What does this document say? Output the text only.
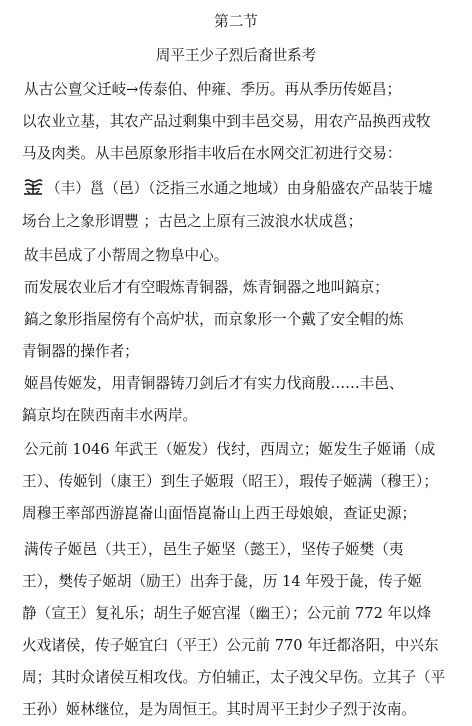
第二节
周平王少子烈后裔世系考
从古公亶父迁岐→传泰伯、仲雍、季历。再从季历传姬昌；
以农业立基，其农产品过剩集中到丰邑交易，用农产品换西戎牧
马及肉类。从丰邑原象形指丰收后在水网交汇初进行交易：
（丰）邕（邑）（泛指三水通之地域）由身船盛农产品装于墟
场台上之象形谓豐 ；古邑之上原有三波浪水状成邕；
故丰邑成了小帮周之物阜中心。
而发展农业后才有空暇炼青铜器，炼青铜器之地叫鎬京；
鎬之象形指屋傍有个高炉状，而京象形一个戴了安全帽的炼
青铜器的操作者；
姬昌传姬发，用青铜器铸刀剑后才有实力伐商殷……丰邑、
鎬京均在陕西南丰水两岸。
公元前 1046 年武王（姬发）伐纣，西周立；姬发生子姬诵（成
王）、传姬钊（康王）到生子姬瑕（昭王），瑕传子姬满（穆王）；
周穆王率部西游崑崙山面悟崑崙山上西王母娘娘，查证史源；
满传子姬邑（共王），邑生子姬坚（懿王），坚传子姬樊（夷
王），樊传子姬胡（励王）出奔于彘，历 14 年殁于彘，传子姬
静（宣王）复礼乐；胡生子姬宫湦（幽王）；公元前 772 年以烽
火戏诸侯，传子姬宜臼（平王）公元前 770 年迁都洛阳，中兴东
周；其时众诸侯互相攻伐。方伯辅正，太子洩父早伤。立其子（平
王孙）姬林继位，是为周恒王。其时周平王封少子烈于汝南。
